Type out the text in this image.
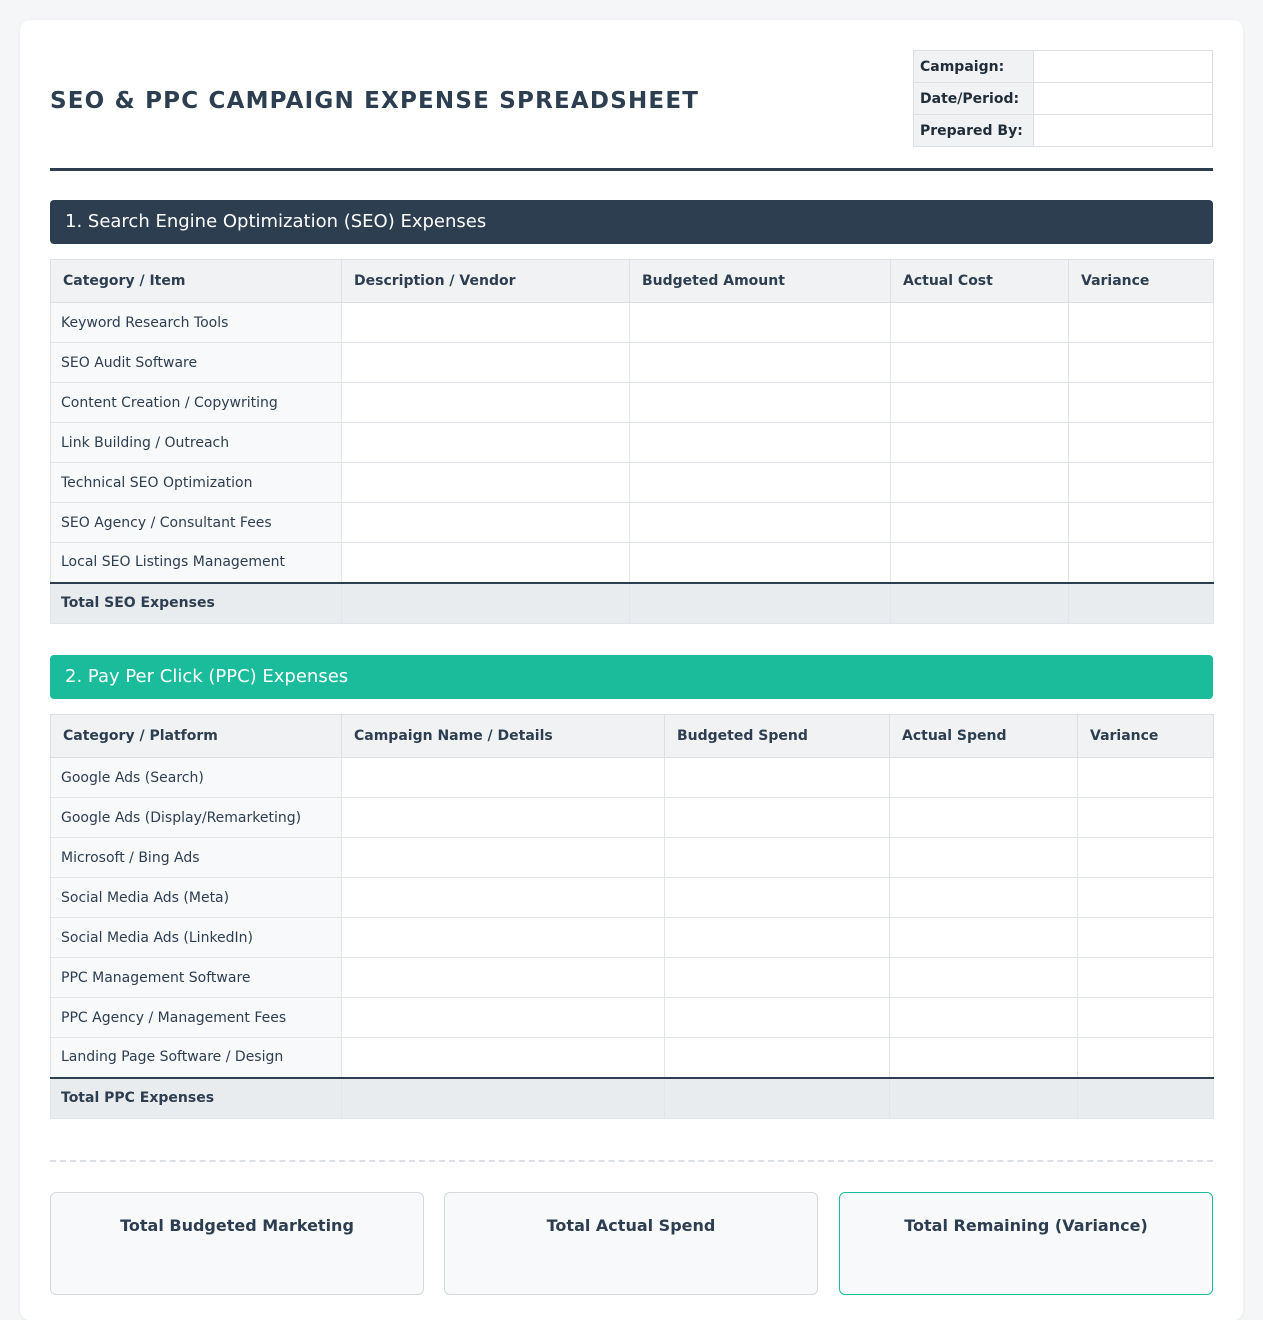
SEO & PPC CAMPAIGN EXPENSE SPREADSHEET
Campaign:	
Date/Period:	
Prepared By:	
1. Search Engine Optimization (SEO) Expenses
Category / Item	Description / Vendor	Budgeted Amount	Actual Cost	Variance
Keyword Research Tools				
SEO Audit Software				
Content Creation / Copywriting				
Link Building / Outreach				
Technical SEO Optimization				
SEO Agency / Consultant Fees				
Local SEO Listings Management				
Total SEO Expenses				
2. Pay Per Click (PPC) Expenses
Category / Platform	Campaign Name / Details	Budgeted Spend	Actual Spend	Variance
Google Ads (Search)				
Google Ads (Display/Remarketing)				
Microsoft / Bing Ads				
Social Media Ads (Meta)				
Social Media Ads (LinkedIn)				
PPC Management Software				
PPC Agency / Management Fees				
Landing Page Software / Design				
Total PPC Expenses				
Total Budgeted Marketing	Total Actual Spend	Total Remaining (Variance)
